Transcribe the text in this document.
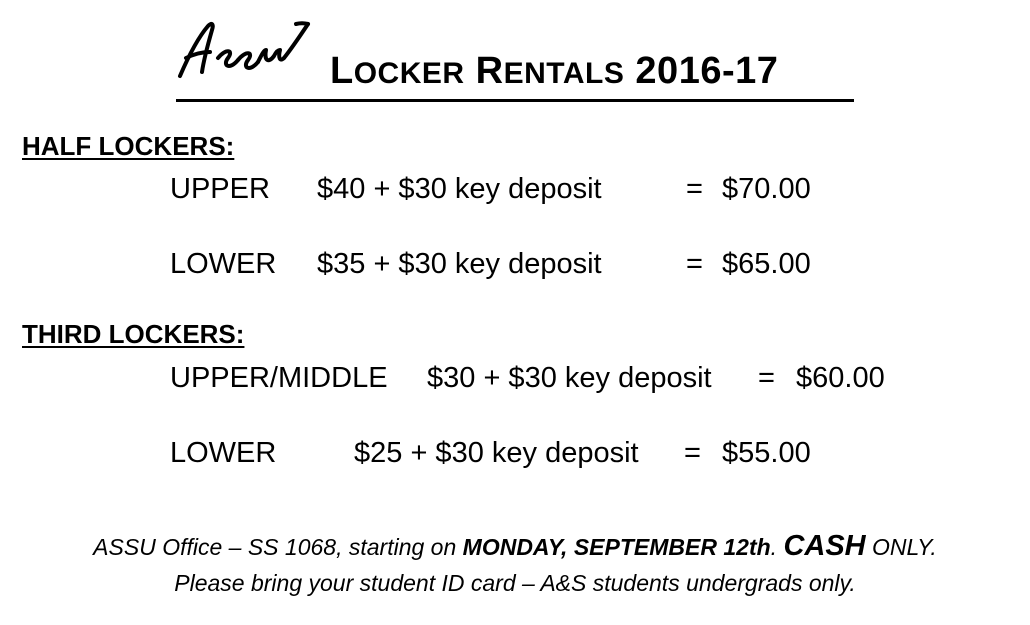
LOCKER RENTALS 2016-17
HALF LOCKERS:
UPPER $40 + $30 key deposit	= $70.00
LOWER $35 + $30 key deposit	= $65.00
THIRD LOCKERS:
UPPER/MIDDLE $30 + $30 key deposit = $60.00
LOWER	$25 + $30 key deposit = $55.00
ASSU Office – SS 1068, starting on MONDAY, SEPTEMBER 12th. CASH ONLY.
Please bring your student ID card – A&S students undergrads only.
